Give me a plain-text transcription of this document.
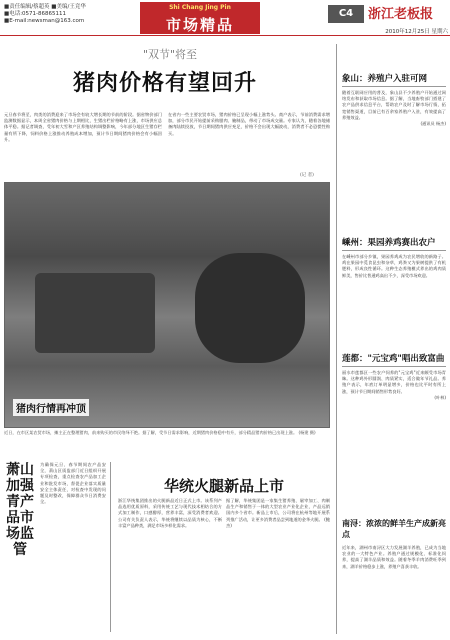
■责任编辑/蔡超英 ■美编/王竞华
■电话:0571-86865111
■E-mail:newsman@163.com
Shi Chang Jing Pin
市场精品
C4	浙江老板报
2010年12月25日 星期六
"双节"将至
猪肉价格有望回升
元旦春节将至，肉类的消费迎来了市场会有较大增长期的节前的阶段。据省物价部门监测数据显示，本周全省猪肉价格与上期相比，生猪出栏价格略有上涨，市场供应总体平稳。据记者调查，受年初大雪和产区养殖结构调整影响，今年部分地区生猪存栏量有所下降，饲料价格上涨推动养殖成本增加，预计节日期间猪肉价格会有小幅回升。
在省内一些主要农贸市场，猪肉价格已呈现小幅上涨势头。商户表示，节前消费需求增加，部分市民开始提前采购腊肉、腌制品，带动了市场成交量。专家认为，随着各地储备肉陆续投放，节日期间猪肉供应充足，价格不会出现大幅波动，消费者不必恐慌性购买。
(记 者)
猪肉行情再冲顶
近日，在市区某农贸市场，摊主正在整理猪肉，前来购买的市民络绎不绝。据了解，受节日需求影响，近期猪肉价格稳中有升，部分精品猪肉价格已出现上涨。 (杨建 摄)
萧山加强青产品市场监管
为确保元旦、春节期间农产品安全，萧山区质监部门近日组织开展专项检查，重点检查农产品加工企业和批发市场，督促企业落实质量安全主体责任，对检查中发现的问题及时整改，保障群众节日消费安全。
华统火腿新品上市
浙江华统集团推出的火腿新品近日正式上市。该系列产品选用优质原料，采用传统工艺与现代技术相结合的方式加工制作，口感醇厚，营养丰富，深受消费者欢迎。公司有关负责人表示，华统将继续以品质为核心，不断丰富产品种类，满足市场多样化需求。
据了解，华统集团是一家集生猪养殖、屠宰加工、肉制品生产和销售于一体的大型农业产业化企业，产品远销国内多个省市。新品上市后，公司将在杭州等地开展系列推广活动，让更多消费者品尝到地道的金华火腿。 (鲍 杰)
象山：养殖户入驻可网
随着互联网应用的普及，象山县不少养殖户开始通过网络发布和获取市场信息。据了解，当地畜牧部门搭建了农产品供求信息平台，帮助农户及时了解市场行情，拓宽销售渠道，目前已有百余家养殖户入驻，有效提高了养殖效益。
(通讯员 杨杰)
嵊州：果园养鸡赛出农户
在嵊州市部分乡镇，果园养鸡成为农民增收的新路子。鸡在果园中觅食昆虫和杂草，鸡粪又为果树提供了有机肥料，形成良性循环。这种生态养殖模式养出的鸡肉质鲜美，售价比普通鸡高出不少，深受市场欢迎。
莲都："元宝鸡"唱出致富曲
丽水市莲都区一些农户饲养的"元宝鸡"近来颇受市场青睐。这种鸡外形圆润、肉质紧实，适合做年节礼品。养殖户表示，年底订单明显增多，价格也比平时有所上涨，预计节日期间销售形势良好。
(叶林)
南浔：浓浓的鲜羊生产成新亮点
近年来，湖州市南浔区大力发展湖羊养殖，已成为当地农业的一大特色产业。养殖户通过规模化、标准化饲养，提高了湖羊品质和效益。随着冬季羊肉消费旺季到来，湖羊价格稳步上涨，养殖户喜获丰收。
